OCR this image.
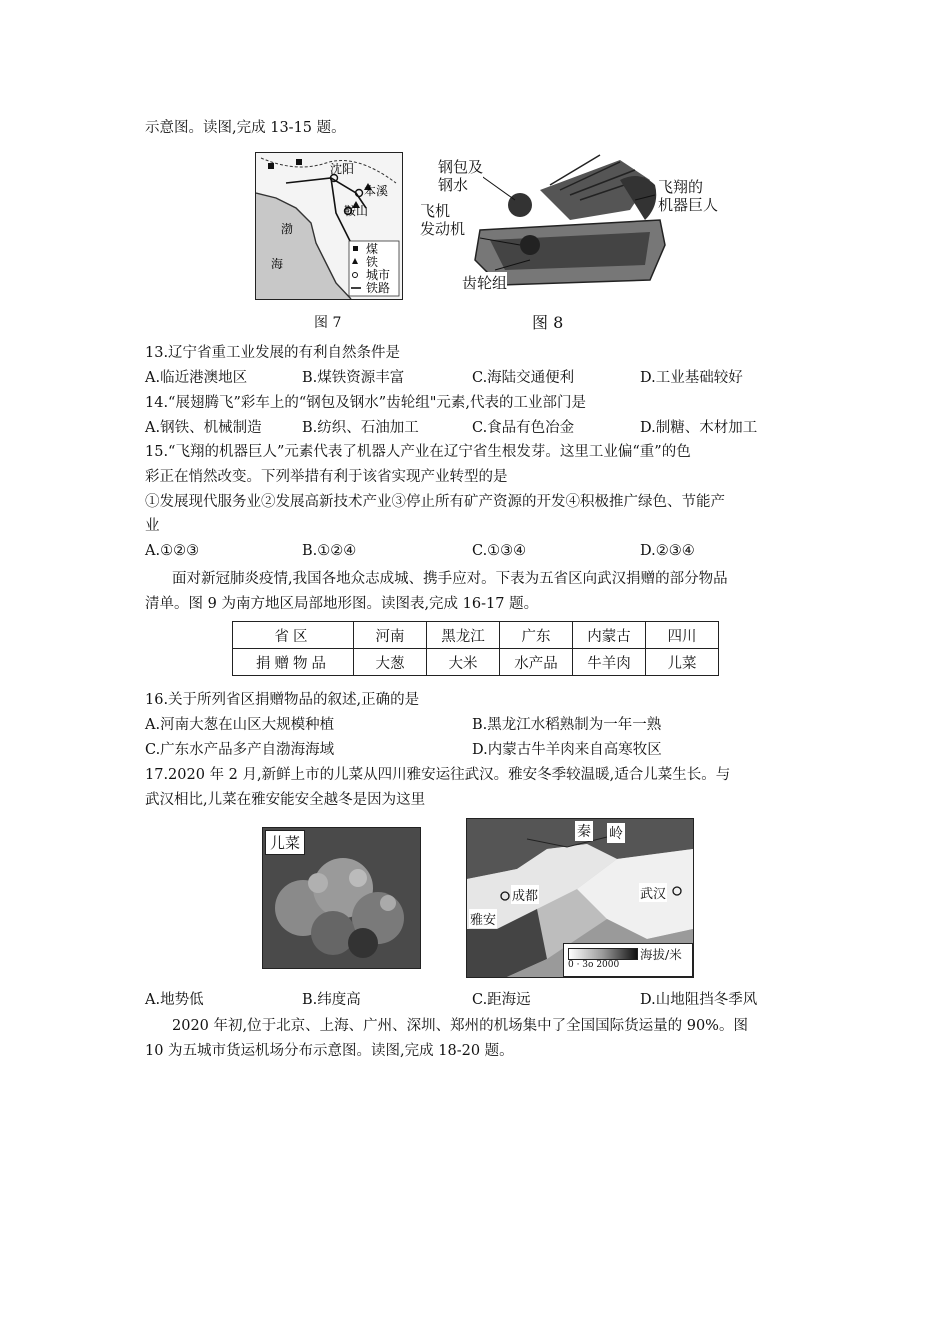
示意图。读图,完成 13-15 题。
沈阳
本溪
鞍山
渤
海
煤
铁
城市
铁路
图 7
钢包及
钢水
飞机
发动机
飞翔的
机器巨人
齿轮组
图 8
13.辽宁省重工业发展的有利自然条件是
A.临近港澳地区	B.煤铁资源丰富	C.海陆交通便利	D.工业基础较好
14.“展翅腾飞”彩车上的“钢包及钢水”齿轮组"元素,代表的工业部门是
A.钢铁、机械制造	B.纺织、石油加工	C.食品有色冶金	D.制糖、木材加工
15.“飞翔的机器巨人”元素代表了机器人产业在辽宁省生根发芽。这里工业偏“重”的色
彩正在悄然改变。下列举措有利于该省实现产业转型的是
①发展现代服务业②发展高新技术产业③停止所有矿产资源的开发④积极推广绿色、节能产
业
A.①②③	B.①②④	C.①③④	D.②③④
面对新冠肺炎疫情,我国各地众志成城、携手应对。下表为五省区向武汉捐赠的部分物品
清单。图 9 为南方地区局部地形图。读图表,完成 16-17 题。
省区	河南	黑龙江	广东	内蒙古	四川
捐赠物品	大葱	大米	水产品	牛羊肉	儿菜
16.关于所列省区捐赠物品的叙述,正确的是
A.河南大葱在山区大规模种植	B.黑龙江水稻熟制为一年一熟
C.广东水产品多产自渤海海域	D.内蒙古牛羊肉来自高寒牧区
17.2020 年 2 月,新鲜上市的儿菜从四川雅安运往武汉。雅安冬季较温暖,适合儿菜生长。与
武汉相比,儿菜在雅安能安全越冬是因为这里
儿菜
秦 岭
成都	武汉
雅安
海拔/米
0 · 3o 2000
A.地势低	B.纬度高	C.距海远	D.山地阻挡冬季风
2020 年初,位于北京、上海、广州、深圳、郑州的机场集中了全国国际货运量的 90%。图
10 为五城市货运机场分布示意图。读图,完成 18-20 题。
